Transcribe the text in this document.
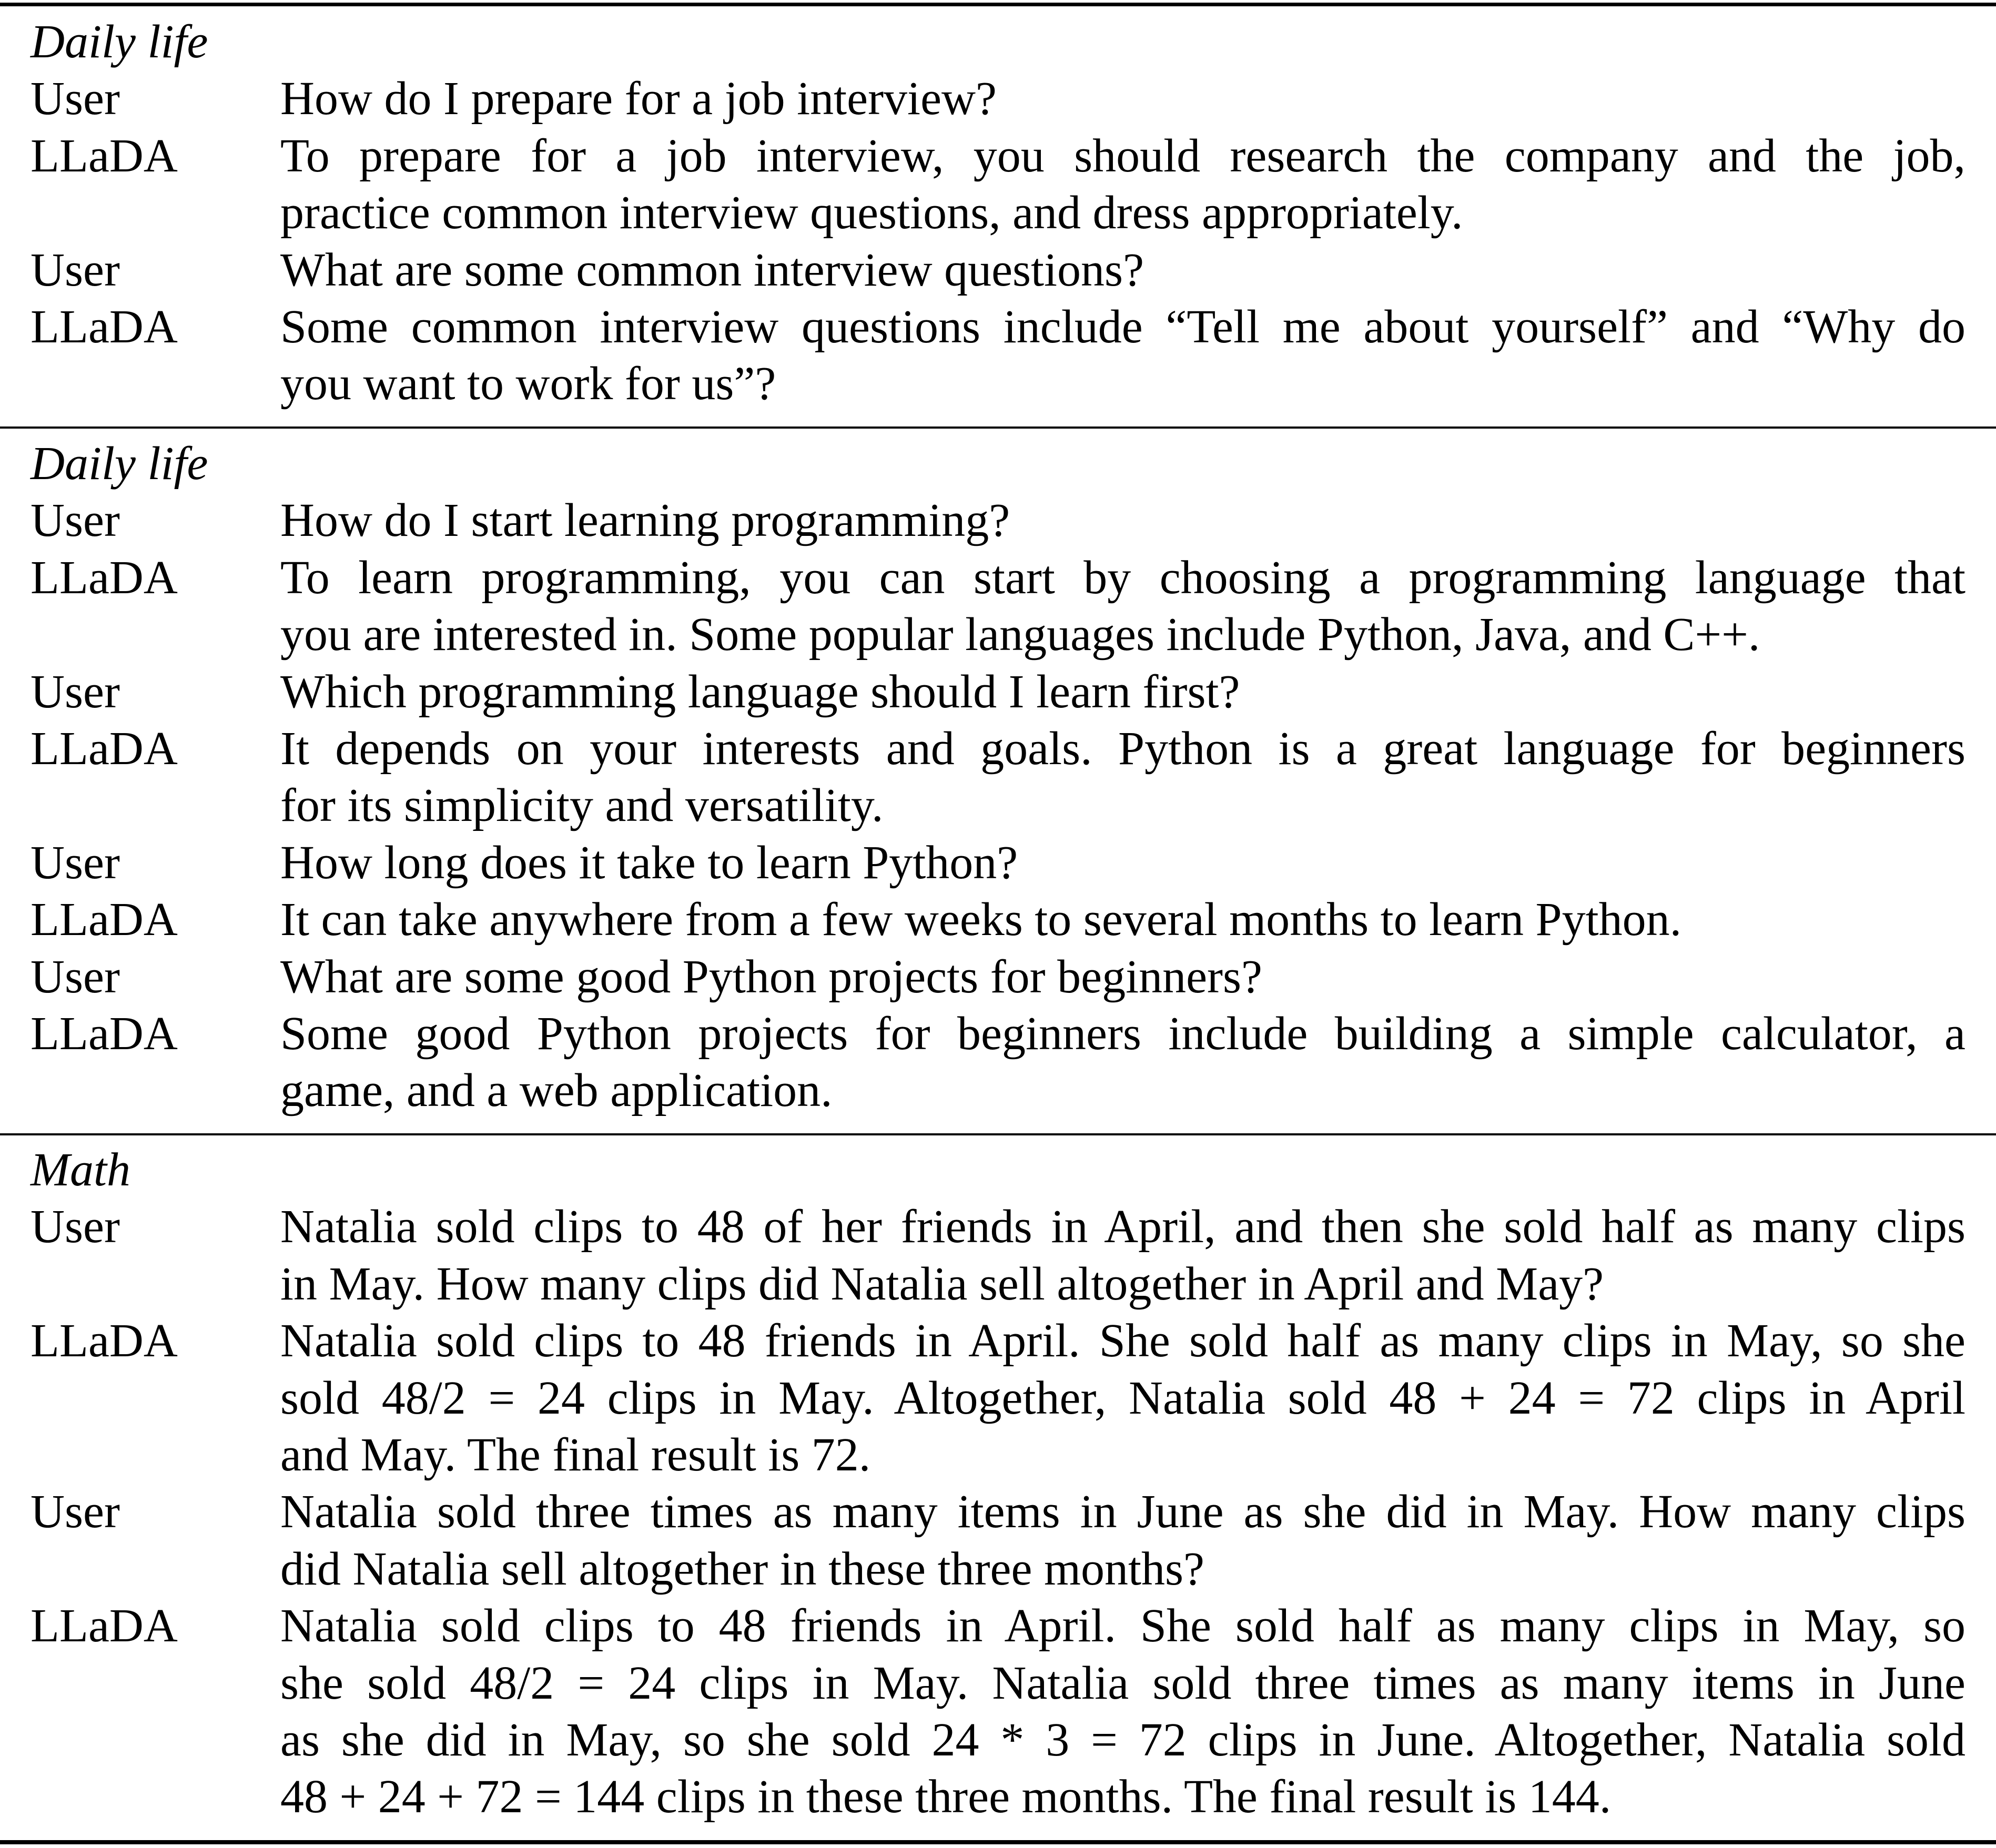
Daily life
User	How do I prepare for a job interview?
LLaDA To prepare for a job interview, you should research the company and the job,
practice common interview questions, and dress appropriately.
User	What are some common interview questions?
LLaDA Some common interview questions include “Tell me about yourself” and “Why do
you want to work for us”?
Daily life
User	How do I start learning programming?
LLaDA To learn programming, you can start by choosing a programming language that
you are interested in. Some popular languages include Python, Java, and C++.
User	Which programming language should I learn first?
LLaDA It depends on your interests and goals. Python is a great language for beginners
for its simplicity and versatility.
User	How long does it take to learn Python?
LLaDA It can take anywhere from a few weeks to several months to learn Python.
User	What are some good Python projects for beginners?
LLaDA Some good Python projects for beginners include building a simple calculator, a
game, and a web application.
Math
User	Natalia sold clips to 48 of her friends in April, and then she sold half as many clips
in May. How many clips did Natalia sell altogether in April and May?
LLaDA Natalia sold clips to 48 friends in April. She sold half as many clips in May, so she
sold 48/2 = 24 clips in May. Altogether, Natalia sold 48 + 24 = 72 clips in April
and May. The final result is 72.
User	Natalia sold three times as many items in June as she did in May. How many clips
did Natalia sell altogether in these three months?
LLaDA Natalia sold clips to 48 friends in April. She sold half as many clips in May, so
she sold 48/2 = 24 clips in May. Natalia sold three times as many items in June
as she did in May, so she sold 24 * 3 = 72 clips in June. Altogether, Natalia sold
48 + 24 + 72 = 144 clips in these three months. The final result is 144.
